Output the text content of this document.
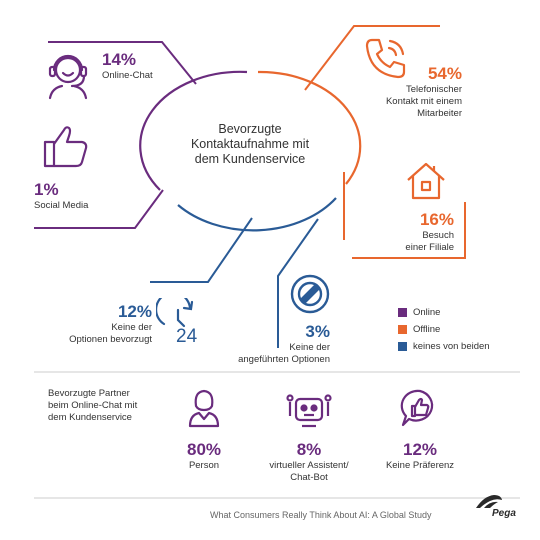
Bevorzugte
Kontaktaufnahme mit
dem Kundenservice
14%
Online-Chat
1%
Social Media
54%
Telefonischer
Kontakt mit einem
Mitarbeiter
16%
Besuch
einer Filiale
12%
Keine der
Optionen bevorzugt 24	3%
Keine der
angeführten Optionen
Online
Offline
keines von beiden
Bevorzugte Partner
beim Online-Chat mit
dem Kundenservice
80%
Person
8%
virtueller Assistent/
Chat-Bot
12%
Keine Präferenz
What Consumers Really Think About AI: A Global Study	Pega
